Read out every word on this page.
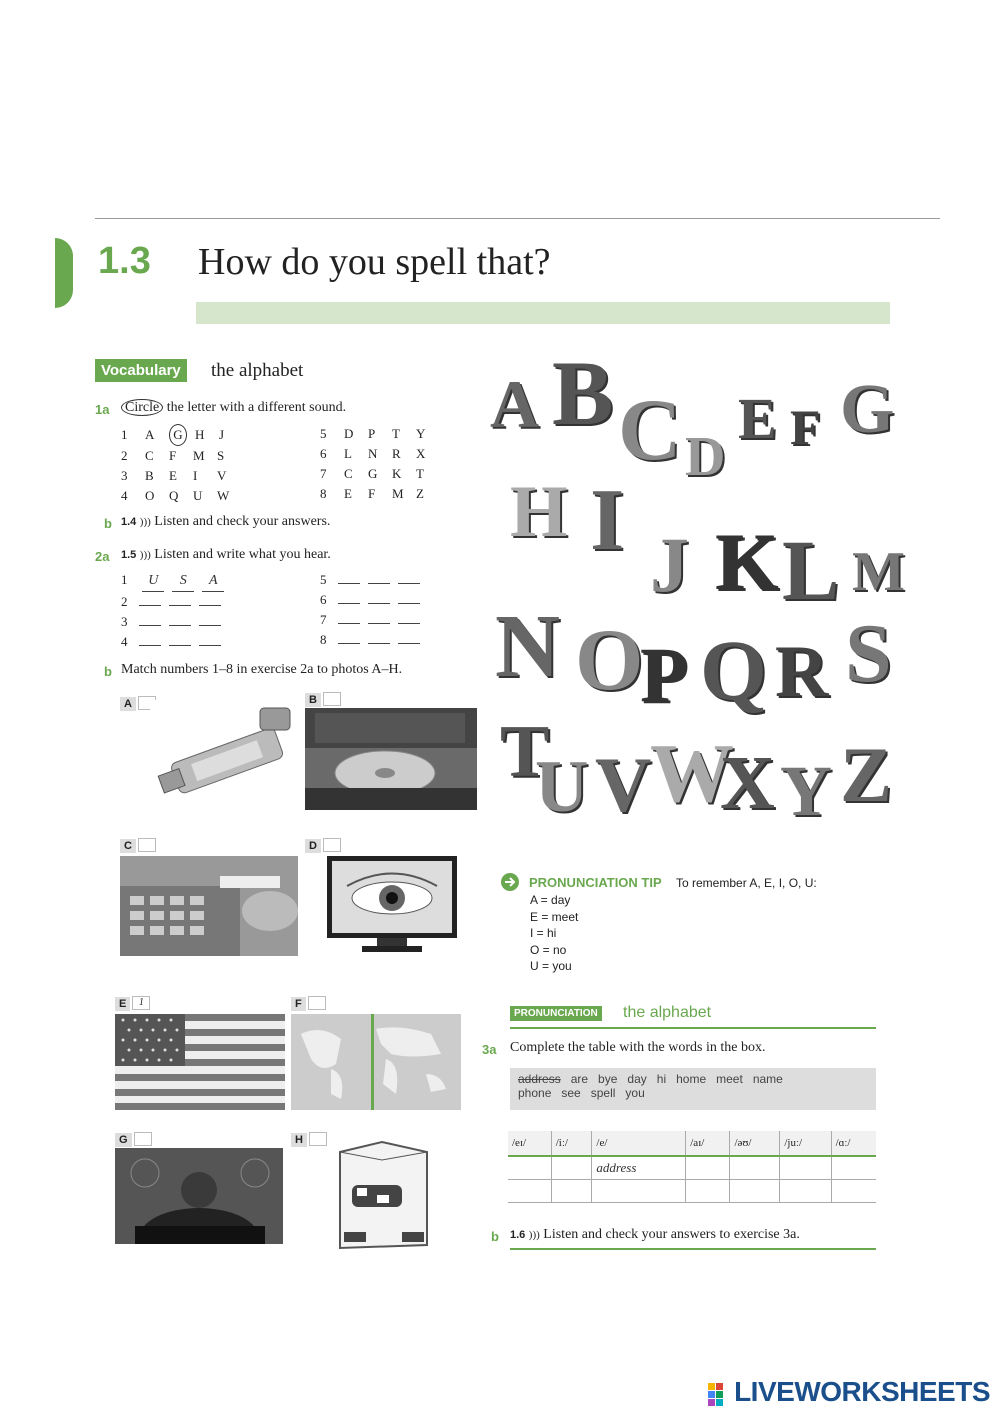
1.3 How do you spell that?
Vocabulary	the alphabet
1a Circle the letter with a different sound.
1 A G H J
2 C F M S
3 B E I V
4 O Q U W
5 D P T Y
6 L N R X
7 C G K T
8 E F M Z
b 1.4 ))) Listen and check your answers.
2a 1.5 ))) Listen and write what you hear.
1 U S A
2
3
4
5
6
7
8
b Match numbers 1–8 in exercise 2a to photos A–H.
A	B
C	D
E 1	F
G	H
A B C D
E F G
H I J K L M
N O
P Q R S
T
U V
W
X Y Z
PRONUNCIATION TIP To remember A, E, I, O, U:
A = day
E = meet
I = hi
O = no
U = you
PRONUNCIATION the alphabet
3a Complete the table with the words in the box.
address are bye day hi home meet name
phone see spell you
/eɪ/	/iː/	/e/	/aɪ/	/əʊ/	/juː/	/ɑː/
		address				

b 1.6 ))) Listen and check your answers to exercise 3a.
LIVEWORKSHEETS
